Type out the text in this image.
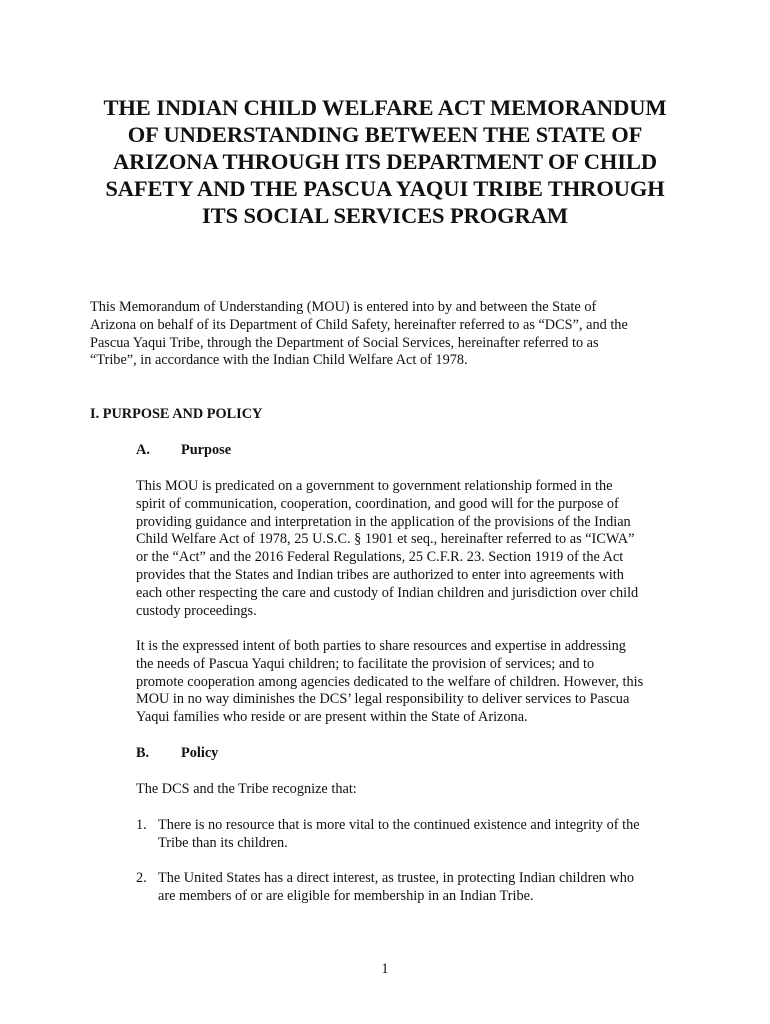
THE INDIAN CHILD WELFARE ACT MEMORANDUM
OF UNDERSTANDING BETWEEN THE STATE OF
ARIZONA THROUGH ITS DEPARTMENT OF CHILD
SAFETY AND THE PASCUA YAQUI TRIBE THROUGH
ITS SOCIAL SERVICES PROGRAM

This Memorandum of Understanding (MOU) is entered into by and between the State of
Arizona on behalf of its Department of Child Safety, hereinafter referred to as “DCS”, and the
Pascua Yaqui Tribe, through the Department of Social Services, hereinafter referred to as
“Tribe”, in accordance with the Indian Child Welfare Act of 1978.

I. PURPOSE AND POLICY
A. Purpose

This MOU is predicated on a government to government relationship formed in the
spirit of communication, cooperation, coordination, and good will for the purpose of
providing guidance and interpretation in the application of the provisions of the Indian
Child Welfare Act of 1978, 25 U.S.C. § 1901 et seq., hereinafter referred to as “ICWA”
or the “Act” and the 2016 Federal Regulations, 25 C.F.R. 23. Section 1919 of the Act
provides that the States and Indian tribes are authorized to enter into agreements with
each other respecting the care and custody of Indian children and jurisdiction over child
custody proceedings.

It is the expressed intent of both parties to share resources and expertise in addressing
the needs of Pascua Yaqui children; to facilitate the provision of services; and to
promote cooperation among agencies dedicated to the welfare of children. However, this
MOU in no way diminishes the DCS’ legal responsibility to deliver services to Pascua
Yaqui families who reside or are present within the State of Arizona.

B. Policy

The DCS and the Tribe recognize that:

1. There is no resource that is more vital to the continued existence and integrity of the
Tribe than its children.
2. The United States has a direct interest, as trustee, in protecting Indian children who
are members of or are eligible for membership in an Indian Tribe.
1
